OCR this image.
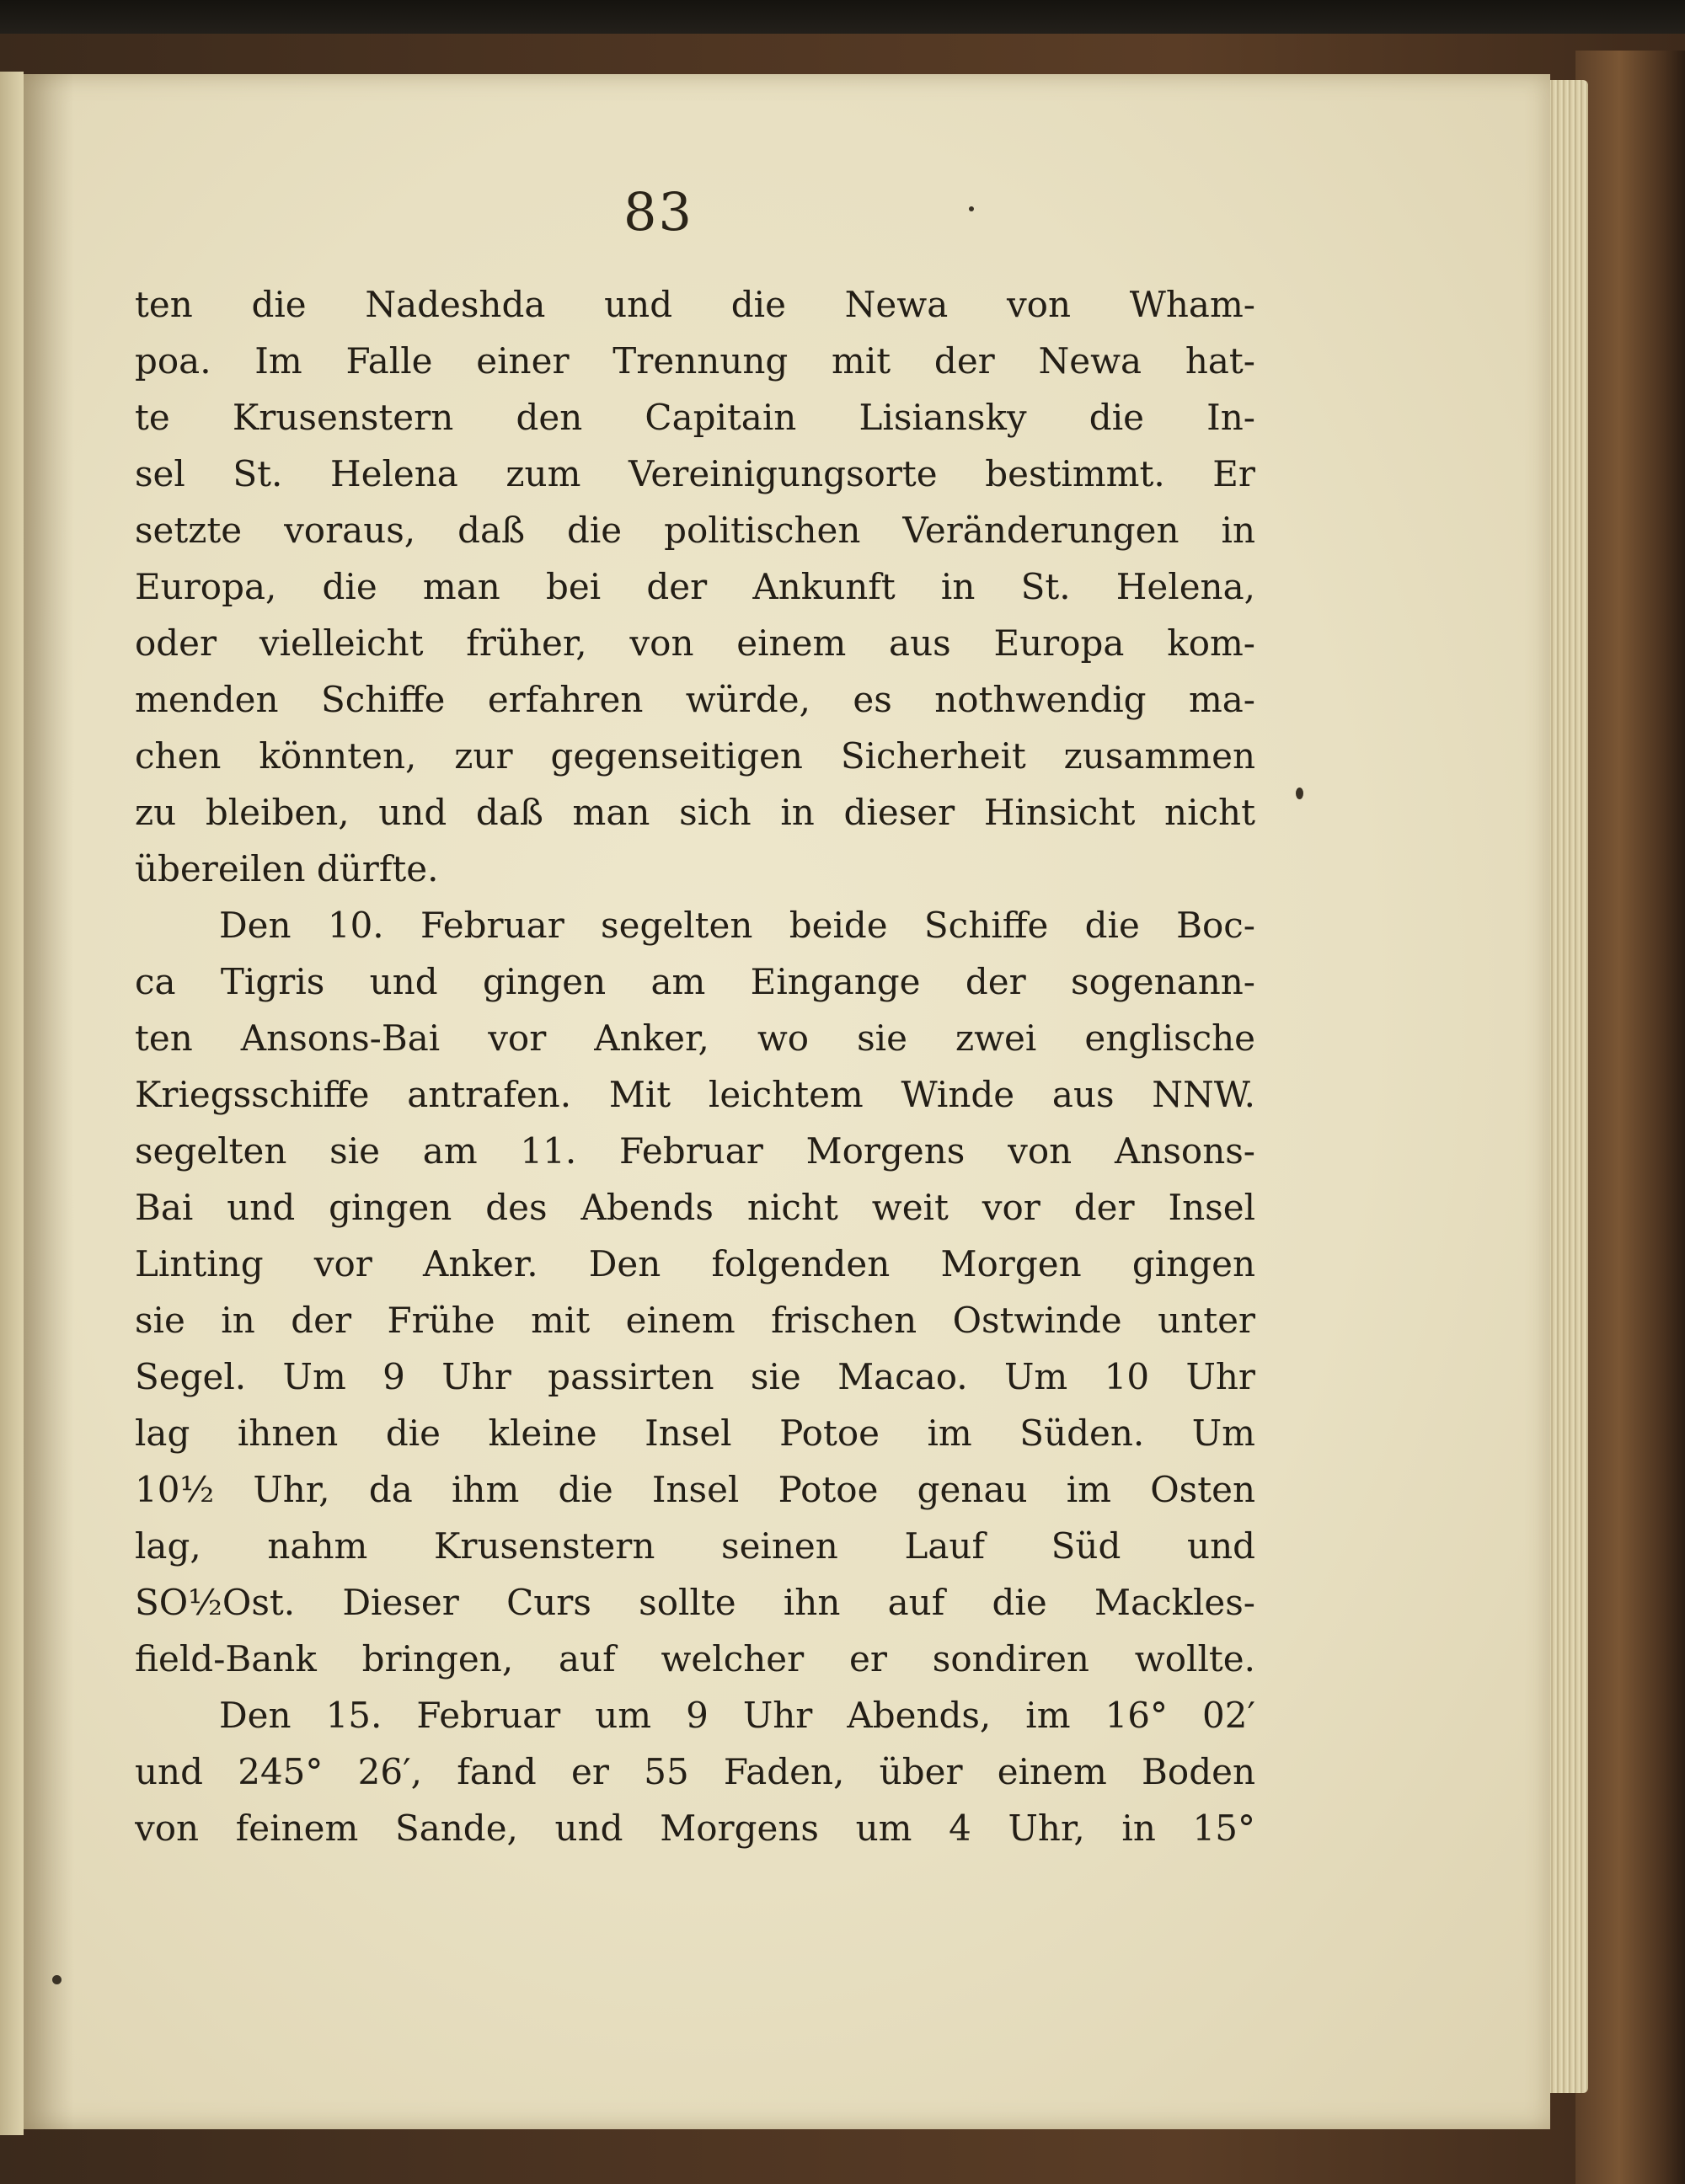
83
ten die Nadeshda und die Newa von Wham-
poa. Im Falle einer Trennung mit der Newa hat-
te Krusenstern den Capitain Lisiansky die In-
sel St. Helena zum Vereinigungsorte bestimmt. Er
setzte voraus, daß die politischen Veränderungen in
Europa, die man bei der Ankunft in St. Helena,
oder vielleicht früher, von einem aus Europa kom-
menden Schiffe erfahren würde, es nothwendig ma-
chen könnten, zur gegenseitigen Sicherheit zusammen
zu bleiben, und daß man sich in dieser Hinsicht nicht
übereilen dürfte.
Den 10. Februar segelten beide Schiffe die Boc-
ca Tigris und gingen am Eingange der sogenann-
ten Ansons-Bai vor Anker, wo sie zwei englische
Kriegsschiffe antrafen. Mit leichtem Winde aus NNW.
segelten sie am 11. Februar Morgens von Ansons-
Bai und gingen des Abends nicht weit vor der Insel
Linting vor Anker. Den folgenden Morgen gingen
sie in der Frühe mit einem frischen Ostwinde unter
Segel. Um 9 Uhr passirten sie Macao. Um 10 Uhr
lag ihnen die kleine Insel Potoe im Süden. Um
10½ Uhr, da ihm die Insel Potoe genau im Osten
lag, nahm Krusenstern seinen Lauf Süd und
SO½Ost. Dieser Curs sollte ihn auf die Mackles-
field-Bank bringen, auf welcher er sondiren wollte.
Den 15. Februar um 9 Uhr Abends, im 16° 02′
und 245° 26′, fand er 55 Faden, über einem Boden
von feinem Sande, und Morgens um 4 Uhr, in 15°
